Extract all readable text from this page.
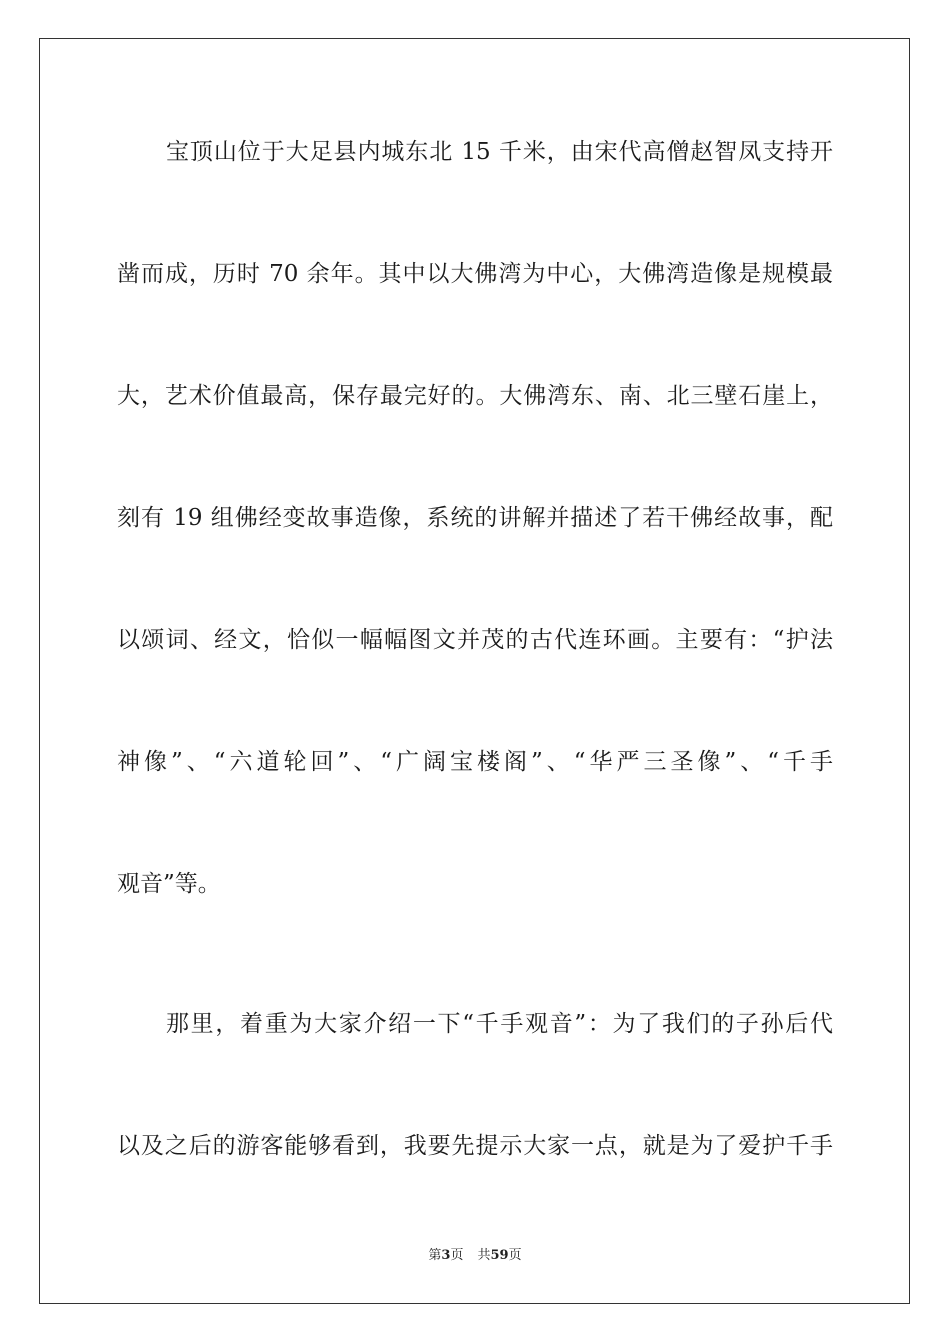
宝顶山位于大足县内城东北 15 千米，由宋代高僧赵智凤支持开
凿而成，历时 70 余年。其中以大佛湾为中心，大佛湾造像是规模最
大，艺术价值最高，保存最完好的。大佛湾东、南、北三壁石崖上，
刻有 19 组佛经变故事造像，系统的讲解并描述了若干佛经故事，配
以颂词、经文，恰似一幅幅图文并茂的古代连环画。主要有：“护法
神像”、“六道轮回”、“广阔宝楼阁”、“华严三圣像”、“千手
观音”等。
那里，着重为大家介绍一下“千手观音”：为了我们的子孙后代
以及之后的游客能够看到，我要先提示大家一点，就是为了爱护千手
第3页 共59页
